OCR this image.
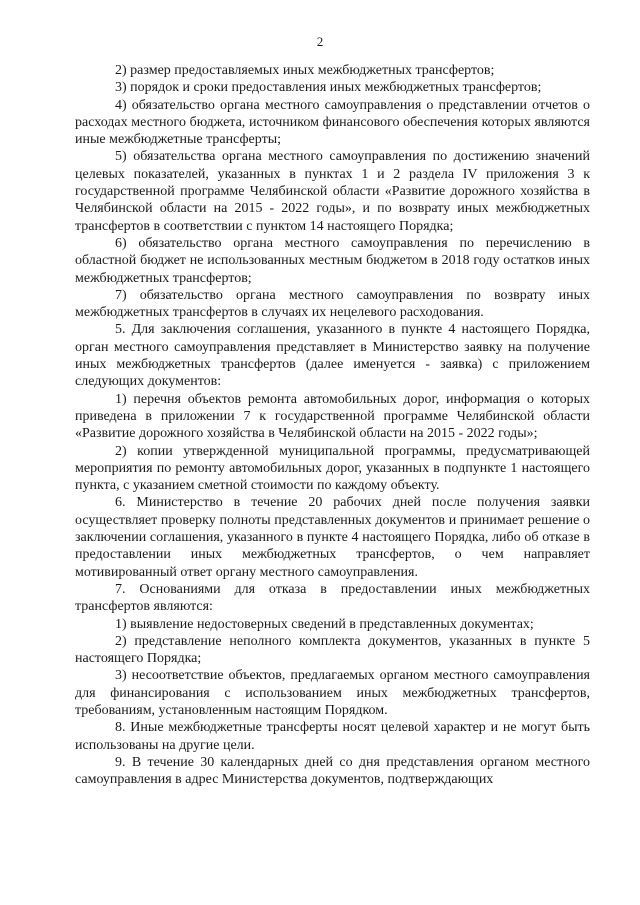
2

2) размер предоставляемых иных межбюджетных трансфертов;

3) порядок и сроки предоставления иных межбюджетных трансфертов;

4) обязательство органа местного самоуправления о представлении отчетов о расходах местного бюджета, источником финансового обеспечения которых являются иные межбюджетные трансферты;

5) обязательства органа местного самоуправления по достижению значений целевых показателей, указанных в пунктах 1 и 2 раздела IV приложения 3 к государственной программе Челябинской области «Развитие дорожного хозяйства в Челябинской области на 2015 - 2022 годы», и по возврату иных межбюджетных трансфертов в соответствии с пунктом 14 настоящего Порядка;

6) обязательство органа местного самоуправления по перечислению в областной бюджет не использованных местным бюджетом в 2018 году остатков иных межбюджетных трансфертов;

7) обязательство органа местного самоуправления по возврату иных межбюджетных трансфертов в случаях их нецелевого расходования.

5. Для заключения соглашения, указанного в пункте 4 настоящего Порядка, орган местного самоуправления представляет в Министерство заявку на получение иных межбюджетных трансфертов (далее именуется - заявка) с приложением следующих документов:

1) перечня объектов ремонта автомобильных дорог, информация о которых приведена в приложении 7 к государственной программе Челябинской области «Развитие дорожного хозяйства в Челябинской области на 2015 - 2022 годы»;

2) копии утвержденной муниципальной программы, предусматривающей мероприятия по ремонту автомобильных дорог, указанных в подпункте 1 настоящего пункта, с указанием сметной стоимости по каждому объекту.

6. Министерство в течение 20 рабочих дней после получения заявки осуществляет проверку полноты представленных документов и принимает решение о заключении соглашения, указанного в пункте 4 настоящего Порядка, либо об отказе в предоставлении иных межбюджетных трансфертов, о чем направляет мотивированный ответ органу местного самоуправления.

7. Основаниями для отказа в предоставлении иных межбюджетных трансфертов являются:

1) выявление недостоверных сведений в представленных документах;

2) представление неполного комплекта документов, указанных в пункте 5 настоящего Порядка;

3) несоответствие объектов, предлагаемых органом местного самоуправления для финансирования с использованием иных межбюджетных трансфертов, требованиям, установленным настоящим Порядком.

8. Иные межбюджетные трансферты носят целевой характер и не могут быть использованы на другие цели.

9. В течение 30 календарных дней со дня представления органом местного самоуправления в адрес Министерства документов, подтверждающих
